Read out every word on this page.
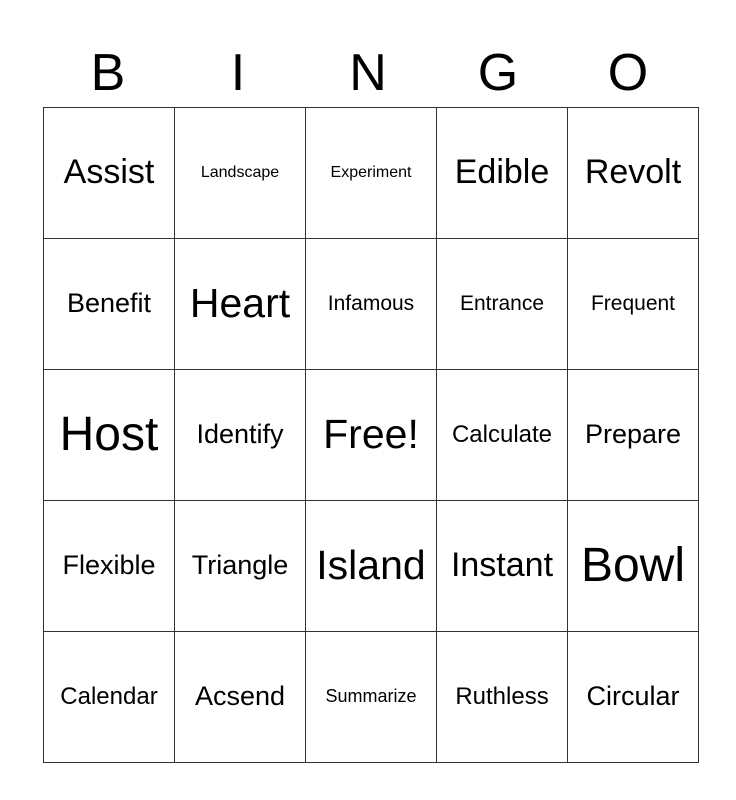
B	I	N	G	O
Assist	Landscape	Experiment	Edible	Revolt
Benefit	Heart	Infamous	Entrance	Frequent
Host	Identify	Free!	Calculate	Prepare
Flexible	Triangle	Island	Instant	Bowl
Calendar	Acsend	Summarize	Ruthless	Circular
